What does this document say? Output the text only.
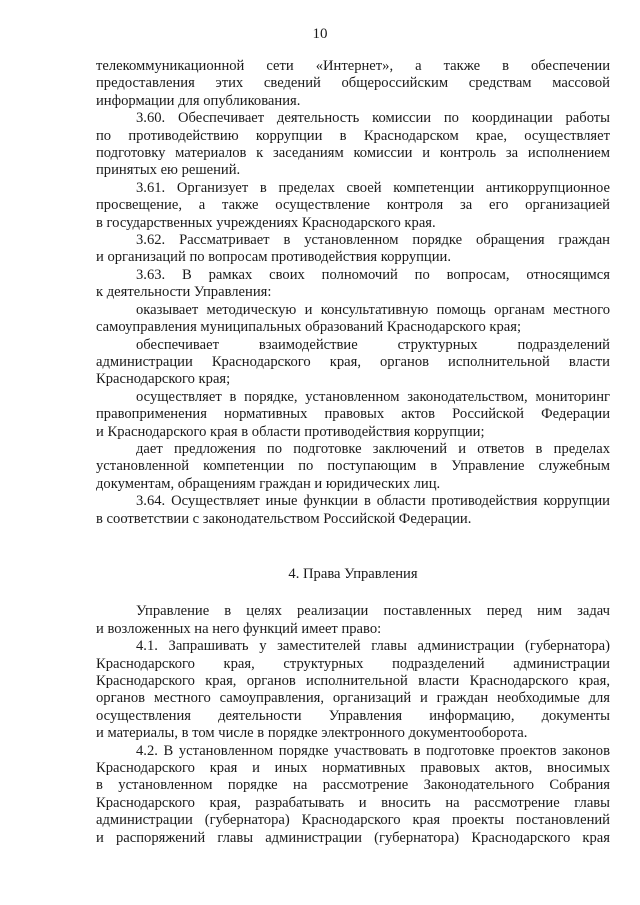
10
телекоммуникационной сети «Интернет», а также в обеспечении
предоставления этих сведений общероссийским средствам массовой
информации для опубликования.
3.60. Обеспечивает деятельность комиссии по координации работы
по противодействию коррупции в Краснодарском крае, осуществляет
подготовку материалов к заседаниям комиссии и контроль за исполнением
принятых ею решений.
3.61. Организует в пределах своей компетенции антикоррупционное
просвещение, а также осуществление контроля за его организацией
в государственных учреждениях Краснодарского края.
3.62. Рассматривает в установленном порядке обращения граждан
и организаций по вопросам противодействия коррупции.
3.63. В рамках своих полномочий по вопросам, относящимся
к деятельности Управления:
оказывает методическую и консультативную помощь органам местного
самоуправления муниципальных образований Краснодарского края;
обеспечивает взаимодействие структурных подразделений
администрации Краснодарского края, органов исполнительной власти
Краснодарского края;
осуществляет в порядке, установленном законодательством, мониторинг
правоприменения нормативных правовых актов Российской Федерации
и Краснодарского края в области противодействия коррупции;
дает предложения по подготовке заключений и ответов в пределах
установленной компетенции по поступающим в Управление служебным
документам, обращениям граждан и юридических лиц.
3.64. Осуществляет иные функции в области противодействия коррупции
в соответствии с законодательством Российской Федерации.
4. Права Управления
Управление в целях реализации поставленных перед ним задач
и возложенных на него функций имеет право:
4.1. Запрашивать у заместителей главы администрации (губернатора)
Краснодарского края, структурных подразделений администрации
Краснодарского края, органов исполнительной власти Краснодарского края,
органов местного самоуправления, организаций и граждан необходимые для
осуществления деятельности Управления информацию, документы
и материалы, в том числе в порядке электронного документооборота.
4.2. В установленном порядке участвовать в подготовке проектов законов
Краснодарского края и иных нормативных правовых актов, вносимых
в установленном порядке на рассмотрение Законодательного Собрания
Краснодарского края, разрабатывать и вносить на рассмотрение главы
администрации (губернатора) Краснодарского края проекты постановлений
и распоряжений главы администрации (губернатора) Краснодарского края
